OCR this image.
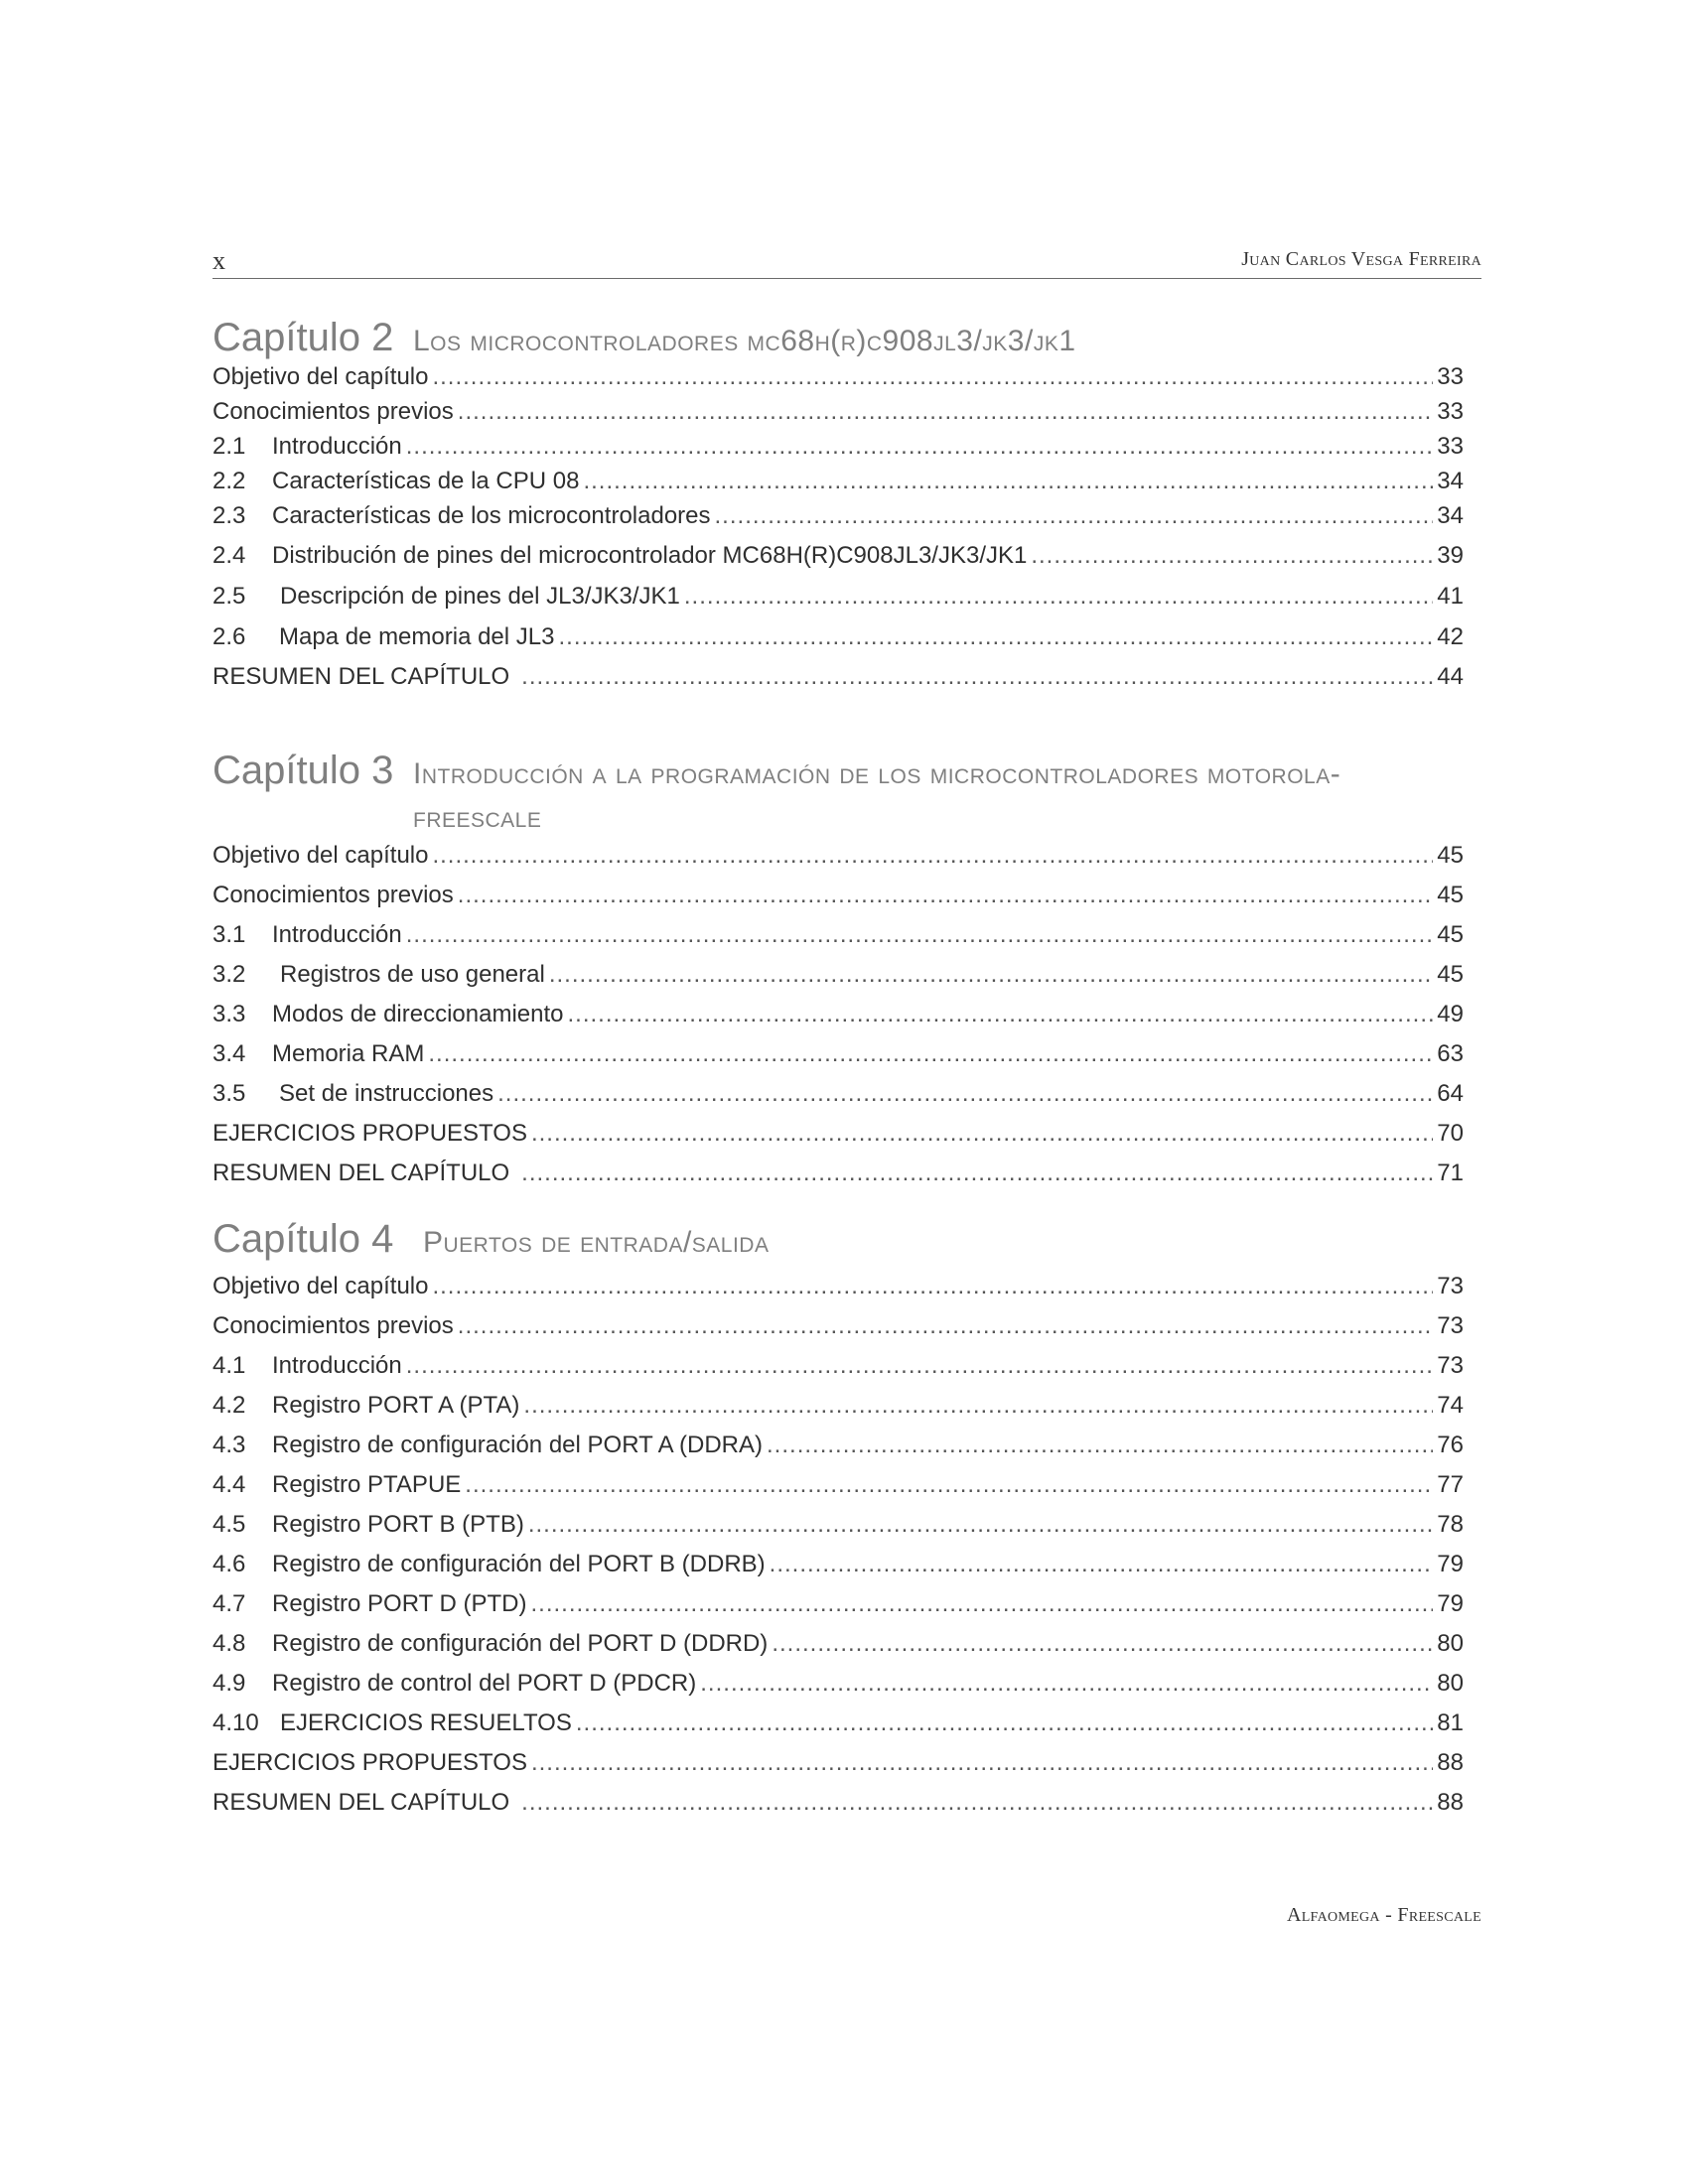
x	Juan Carlos Vesga Ferreira
Capítulo 2 Los microcontroladores mc68h(r)c908jl3/jk3/jk1
Objetivo del capítulo .....	33
Conocimientos previos .....	33
2.1	Introducción .....	33
2.2	Características de la CPU 08 .....	34
2.3	Características de los microcontroladores .....	34
2.4	Distribución de pines del microcontrolador MC68H(R)C908JL3/JK3/JK1 .....	39
2.5	Descripción de pines del JL3/JK3/JK1 .....	41
2.6	Mapa de memoria del JL3 .....	42
RESUMEN DEL CAPÍTULO .....	44
Capítulo 3 Introducción a la programación de los microcontroladores motorola- freescale
Objetivo del capítulo .....	45
Conocimientos previos .....	45
3.1	Introducción .....	45
3.2	Registros de uso general .....	45
3.3	Modos de direccionamiento .....	49
3.4	Memoria RAM .....	63
3.5	Set de instrucciones .....	64
EJERCICIOS PROPUESTOS .....	70
RESUMEN DEL CAPÍTULO .....	71
Capítulo 4 Puertos de entrada/salida
Objetivo del capítulo .....	73
Conocimientos previos .....	73
4.1	Introducción .....	73
4.2	Registro PORT A (PTA) .....	74
4.3	Registro de configuración del PORT A (DDRA) .....	76
4.4	Registro PTAPUE .....	77
4.5	Registro PORT B (PTB) .....	78
4.6	Registro de configuración del PORT B (DDRB) .....	79
4.7	Registro PORT D (PTD) .....	79
4.8	Registro de configuración del PORT D (DDRD) .....	80
4.9	Registro de control del PORT D (PDCR) .....	80
4.10 EJERCICIOS RESUELTOS .....	81
EJERCICIOS PROPUESTOS .....	88
RESUMEN DEL CAPÍTULO .....	88
Alfaomega - Freescale
